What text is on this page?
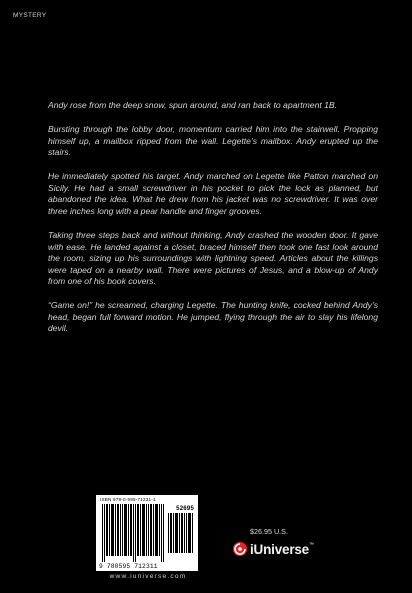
MYSTERY

Andy rose from the deep snow, spun around, and ran back to apartment 1B.

Bursting through the lobby door, momentum carried him into the stairwell. Propping himself up, a mailbox ripped from the wall. Legette’s mailbox. Andy erupted up the stairs.

He immediately spotted his target. Andy marched on Legette like Patton marched on Sicily. He had a small screwdriver in his pocket to pick the lock as planned, but abandoned the idea. What he drew from his jacket was no screwdriver. It was over three inches long with a pear handle and finger grooves.

Taking three steps back and without thinking, Andy crashed the wooden door. It gave with ease. He landed against a closet, braced himself then took one fast look around the room, sizing up his surroundings with lightning speed. Articles about the killings were taped on a nearby wall. There were pictures of Jesus, and a blow-up of Andy from one of his book covers.

“Game on!” he screamed, charging Legette. The hunting knife, cocked behind Andy’s head, began full forward motion. He jumped, flying through the air to slay his lifelong devil.

ISBN 978-0-595-71231-1
52695
9 780595 712311
www.iuniverse.com
$26.95 U.S.
iUniverse ™
